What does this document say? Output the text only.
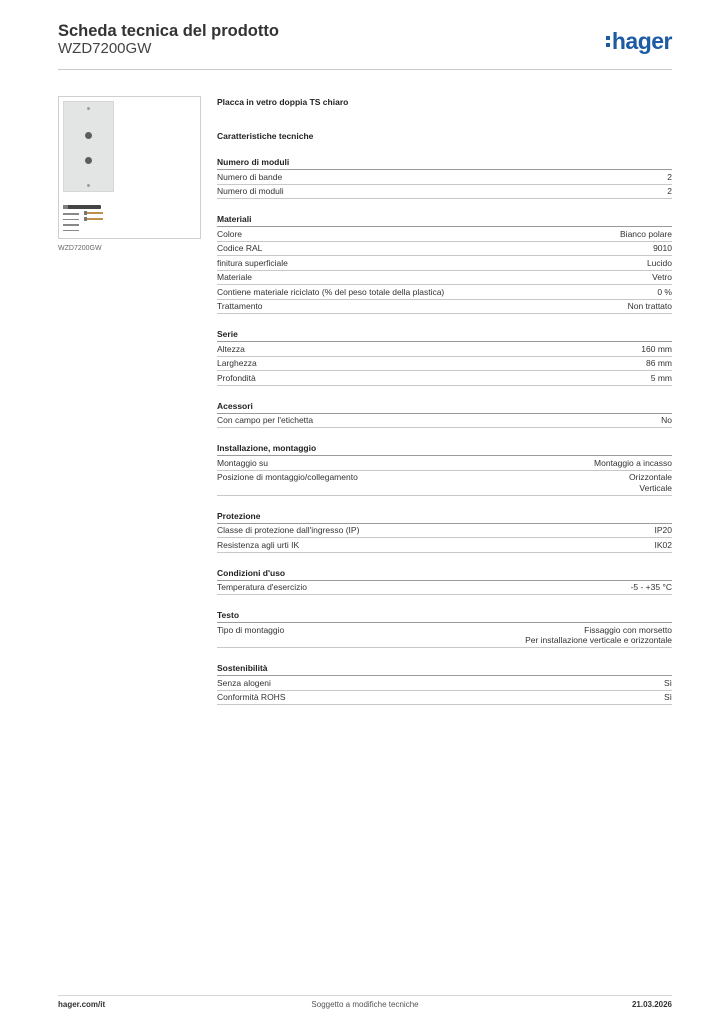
Scheda tecnica del prodotto
WZD7200GW	hager
WZD7200GW
Placca in vetro doppia TS chiaro
Caratteristiche tecniche
Numero di moduli
Numero di bande	2
Numero di moduli	2
Materiali
Colore	Bianco polare
Codice RAL	9010
finitura superficiale	Lucido
Materiale	Vetro
Contiene materiale riciclato (% del peso totale della plastica)	0 %
Trattamento	Non trattato
Serie
Altezza	160 mm
Larghezza	86 mm
Profondità	5 mm
Acessori
Con campo per l'etichetta	No
Installazione, montaggio
Montaggio su	Montaggio a incasso
Posizione di montaggio/collegamento	Orizzontale
Verticale
Protezione
Classe di protezione dall'ingresso (IP)	IP20
Resistenza agli urti IK	IK02
Condizioni d'uso
Temperatura d'esercizio	-5 - +35 °C
Testo
Tipo di montaggio	Fissaggio con morsetto
Per installazione verticale e orizzontale
Sostenibilità
Senza alogeni	Sì
Conformità ROHS	Sì
hager.com/it	Soggetto a modifiche tecniche	21.03.2026
